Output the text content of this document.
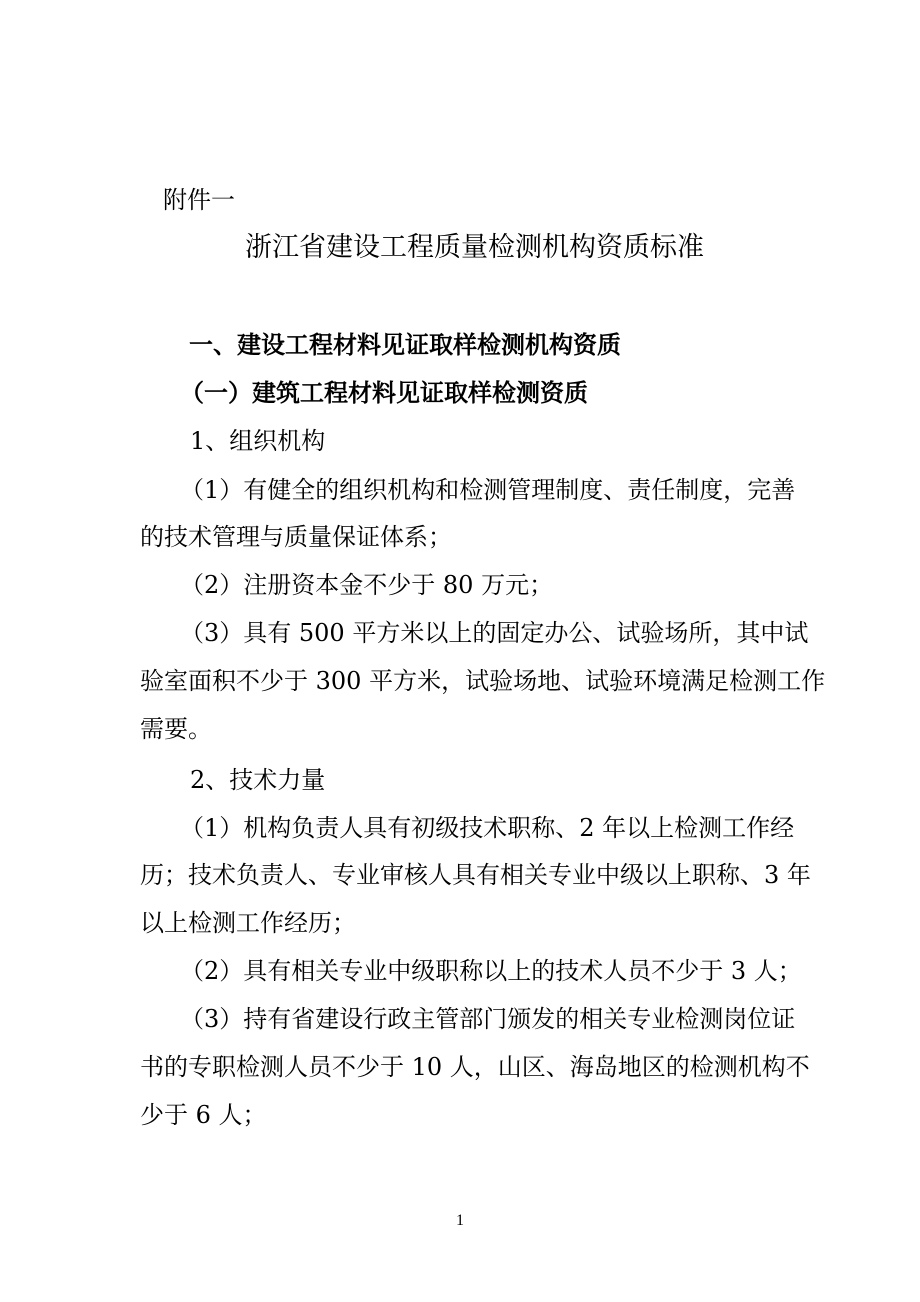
附件一
浙江省建设工程质量检测机构资质标准
一、建设工程材料见证取样检测机构资质
（一）建筑工程材料见证取样检测资质
1、组织机构
（1）有健全的组织机构和检测管理制度、责任制度，完善
的技术管理与质量保证体系；
（2）注册资本金不少于 80 万元；
（3）具有 500 平方米以上的固定办公、试验场所，其中试
验室面积不少于 300 平方米，试验场地、试验环境满足检测工作
需要。
2、技术力量
（1）机构负责人具有初级技术职称、2 年以上检测工作经
历；技术负责人、专业审核人具有相关专业中级以上职称、3 年
以上检测工作经历；
（2）具有相关专业中级职称以上的技术人员不少于 3 人；
（3）持有省建设行政主管部门颁发的相关专业检测岗位证
书的专职检测人员不少于 10 人，山区、海岛地区的检测机构不
少于 6 人；
1
